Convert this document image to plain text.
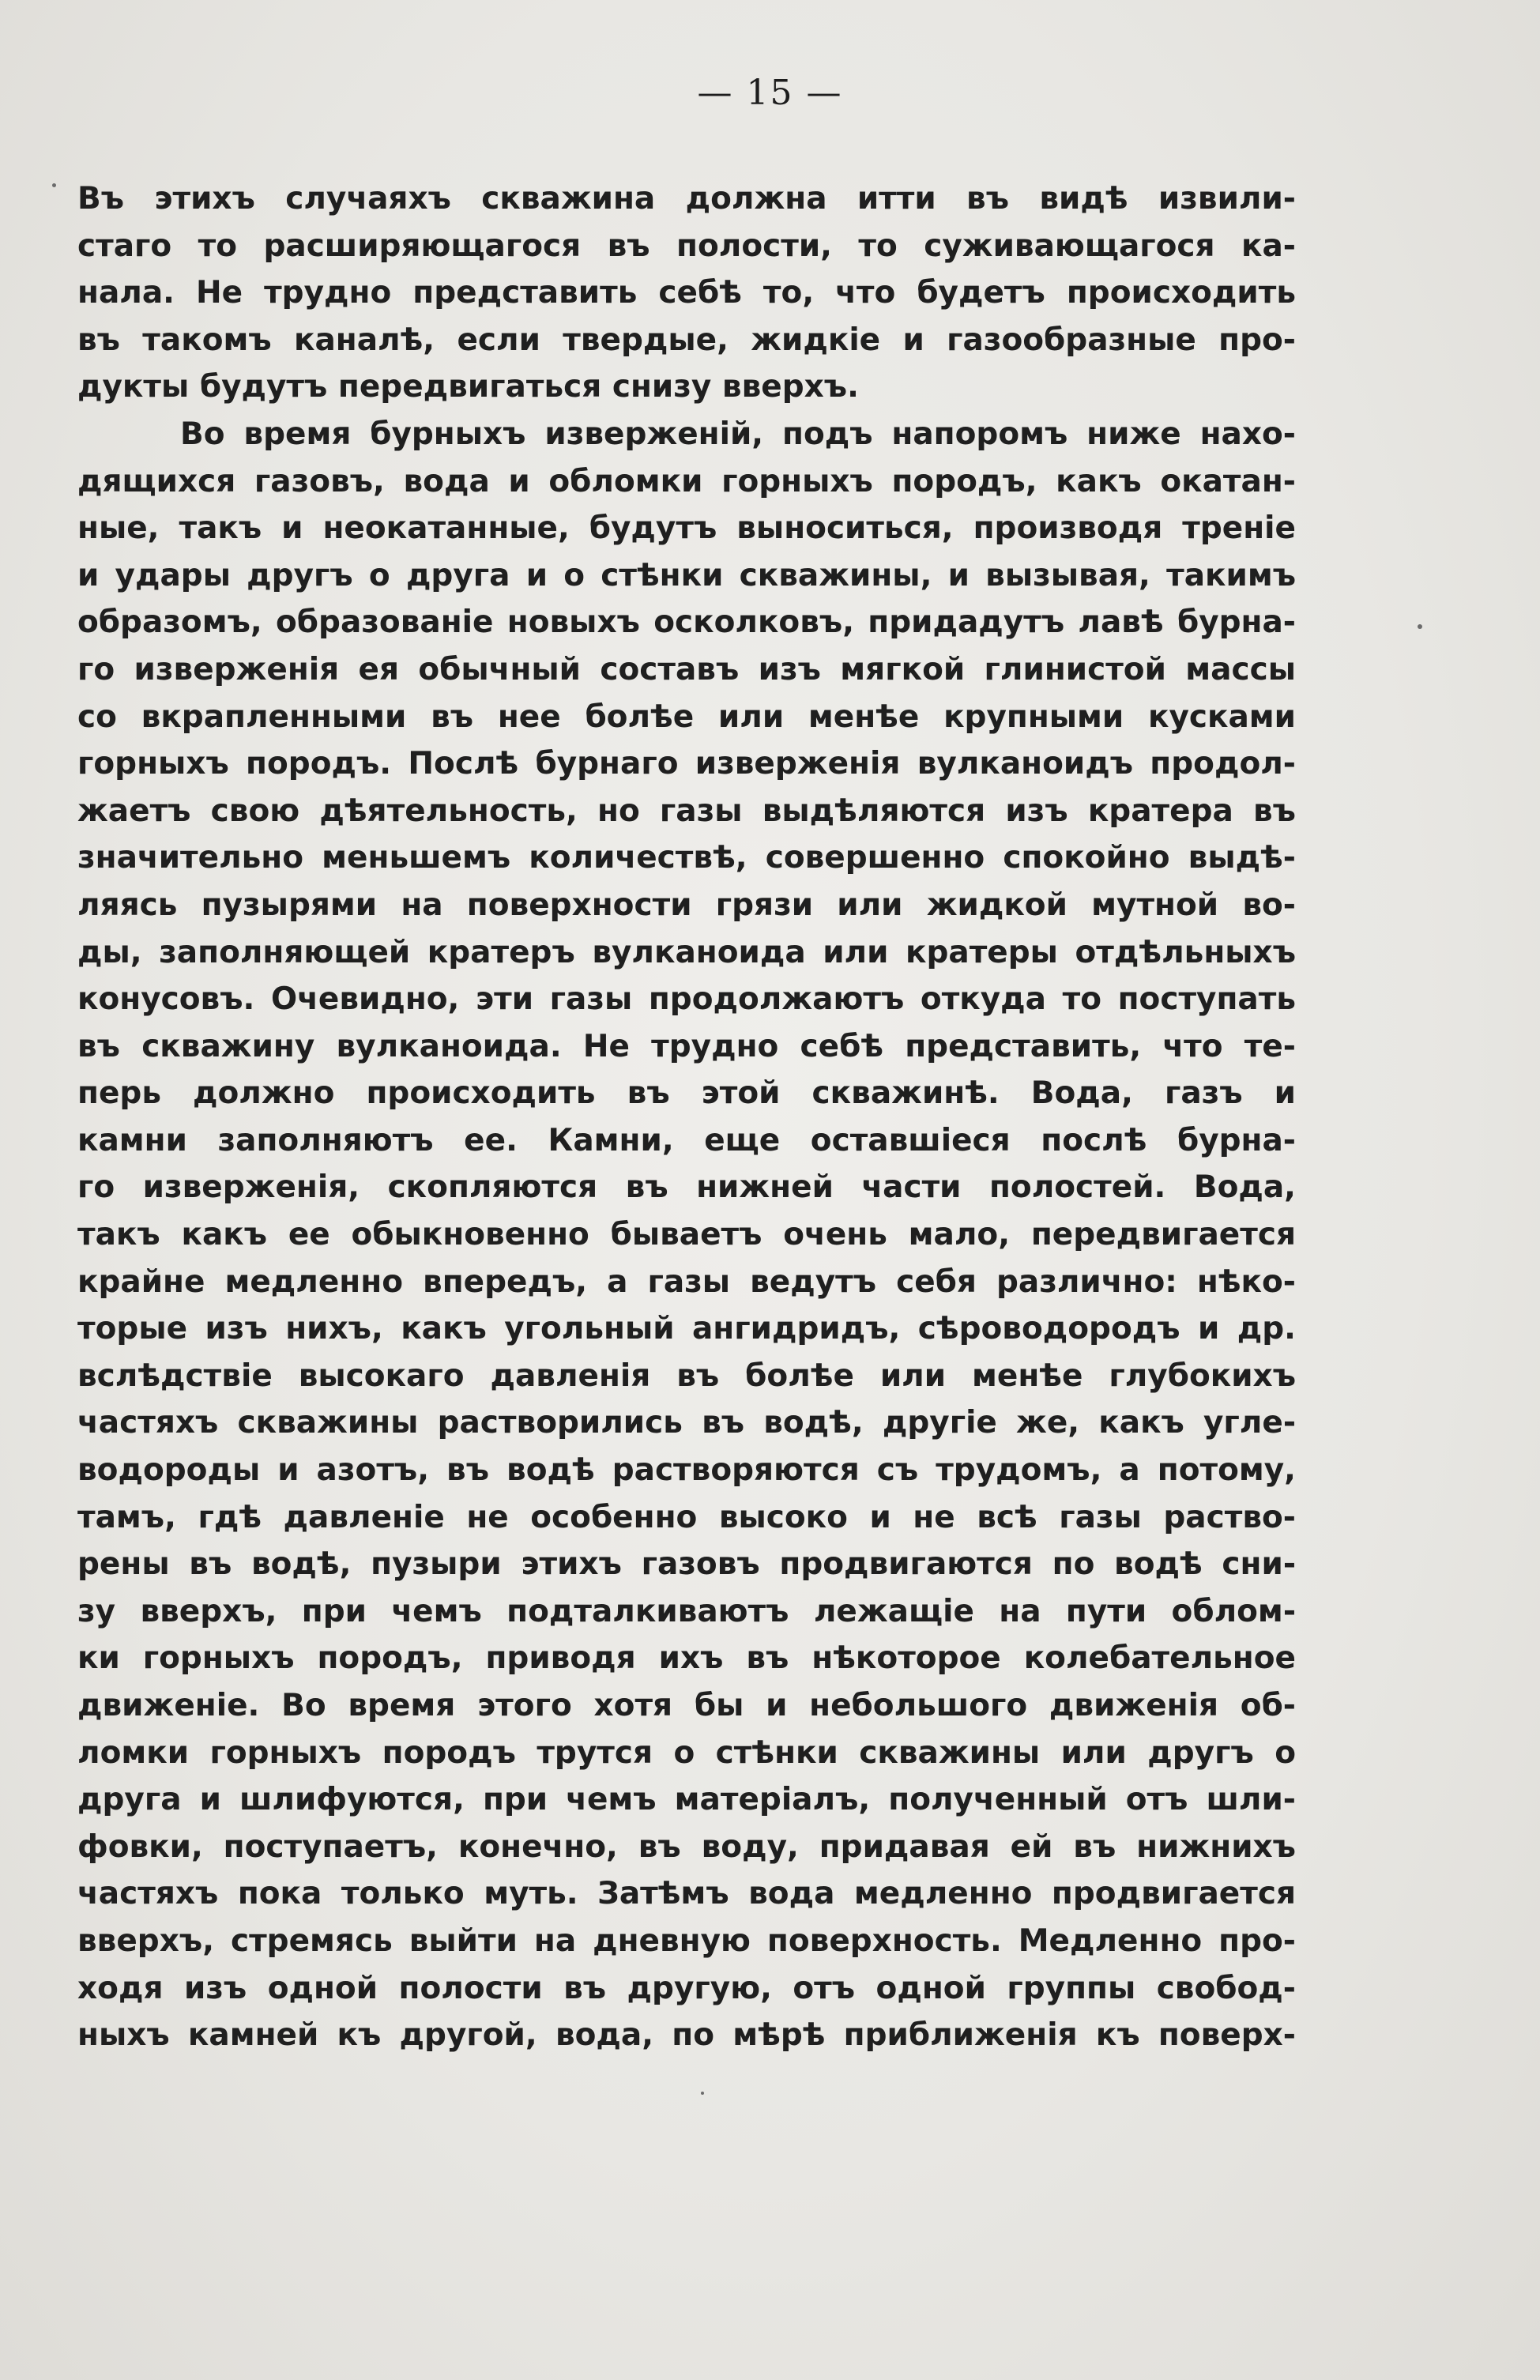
— 15 —
Въ этихъ случаяхъ скважина должна итти въ видѣ извили-
стаго то расширяющагося въ полости, то суживающагося ка-
нала. Не трудно представить себѣ то, что будетъ происходить
въ такомъ каналѣ, если твердые, жидкіе и газообразные про-
дукты будутъ передвигаться снизу вверхъ.
Во время бурныхъ изверженій, подъ напоромъ ниже нахо-
дящихся газовъ, вода и обломки горныхъ породъ, какъ окатан-
ные, такъ и неокатанные, будутъ выноситься, производя треніе
и удары другъ о друга и о стѣнки скважины, и вызывая, такимъ
образомъ, образованіе новыхъ осколковъ, придадутъ лавѣ бурна-
го изверженія ея обычный составъ изъ мягкой глинистой массы
со вкрапленными въ нее болѣе или менѣе крупными кусками
горныхъ породъ. Послѣ бурнаго изверженія вулканоидъ продол-
жаетъ свою дѣятельность, но газы выдѣляются изъ кратера въ
значительно меньшемъ количествѣ, совершенно спокойно выдѣ-
ляясь пузырями на поверхности грязи или жидкой мутной во-
ды, заполняющей кратеръ вулканоида или кратеры отдѣльныхъ
конусовъ. Очевидно, эти газы продолжаютъ откуда то поступать
въ скважину вулканоида. Не трудно себѣ представить, что те-
перь должно происходить въ этой скважинѣ. Вода, газъ и
камни заполняютъ ее. Камни, еще оставшіеся послѣ бурна-
го изверженія, скопляются въ нижней части полостей. Вода,
такъ какъ ее обыкновенно бываетъ очень мало, передвигается
крайне медленно впередъ, а газы ведутъ себя различно: нѣко-
торые изъ нихъ, какъ угольный ангидридъ, сѣроводородъ и др.
вслѣдствіе высокаго давленія въ болѣе или менѣе глубокихъ
частяхъ скважины растворились въ водѣ, другіе же, какъ угле-
водороды и азотъ, въ водѣ растворяются съ трудомъ, а потому,
тамъ, гдѣ давленіе не особенно высоко и не всѣ газы раство-
рены въ водѣ, пузыри этихъ газовъ продвигаются по водѣ сни-
зу вверхъ, при чемъ подталкиваютъ лежащіе на пути облом-
ки горныхъ породъ, приводя ихъ въ нѣкоторое колебательное
движеніе. Во время этого хотя бы и небольшого движенія об-
ломки горныхъ породъ трутся о стѣнки скважины или другъ о
друга и шлифуются, при чемъ матеріалъ, полученный отъ шли-
фовки, поступаетъ, конечно, въ воду, придавая ей въ нижнихъ
частяхъ пока только муть. Затѣмъ вода медленно продвигается
вверхъ, стремясь выйти на дневную поверхность. Медленно про-
ходя изъ одной полости въ другую, отъ одной группы свобод-
ныхъ камней къ другой, вода, по мѣрѣ приближенія къ поверх-
